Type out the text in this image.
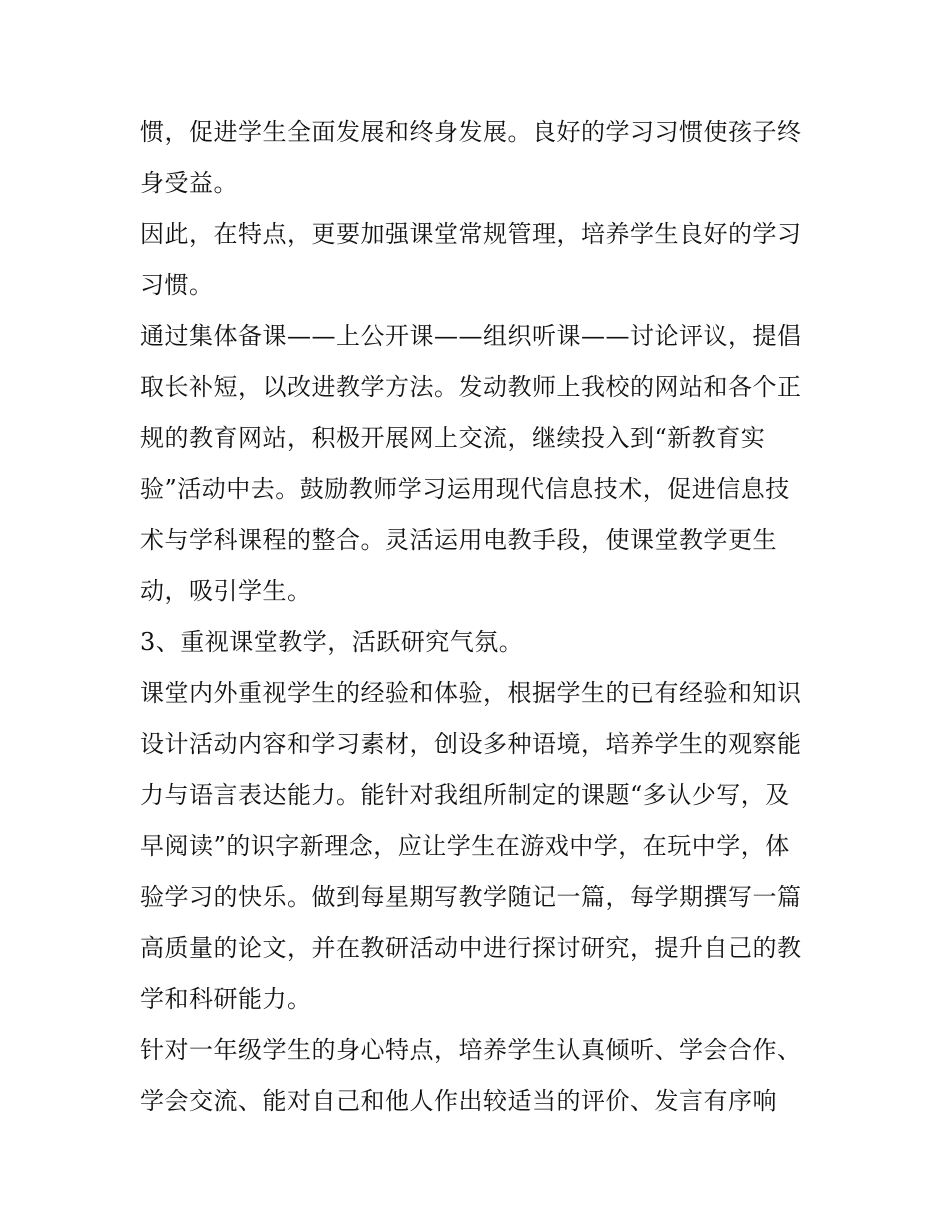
惯，促进学生全面发展和终身发展。良好的学习习惯使孩子终
身受益。
因此，在特点，更要加强课堂常规管理，培养学生良好的学习
习惯。
通过集体备课——上公开课——组织听课——讨论评议，提倡
取长补短，以改进教学方法。发动教师上我校的网站和各个正
规的教育网站，积极开展网上交流，继续投入到“新教育实
验”活动中去。鼓励教师学习运用现代信息技术，促进信息技
术与学科课程的整合。灵活运用电教手段，使课堂教学更生
动，吸引学生。
3、重视课堂教学，活跃研究气氛。
课堂内外重视学生的经验和体验，根据学生的已有经验和知识
设计活动内容和学习素材，创设多种语境，培养学生的观察能
力与语言表达能力。能针对我组所制定的课题“多认少写，及
早阅读”的识字新理念，应让学生在游戏中学，在玩中学，体
验学习的快乐。做到每星期写教学随记一篇，每学期撰写一篇
高质量的论文，并在教研活动中进行探讨研究，提升自己的教
学和科研能力。
针对一年级学生的身心特点，培养学生认真倾听、学会合作、
学会交流、能对自己和他人作出较适当的评价、发言有序响
